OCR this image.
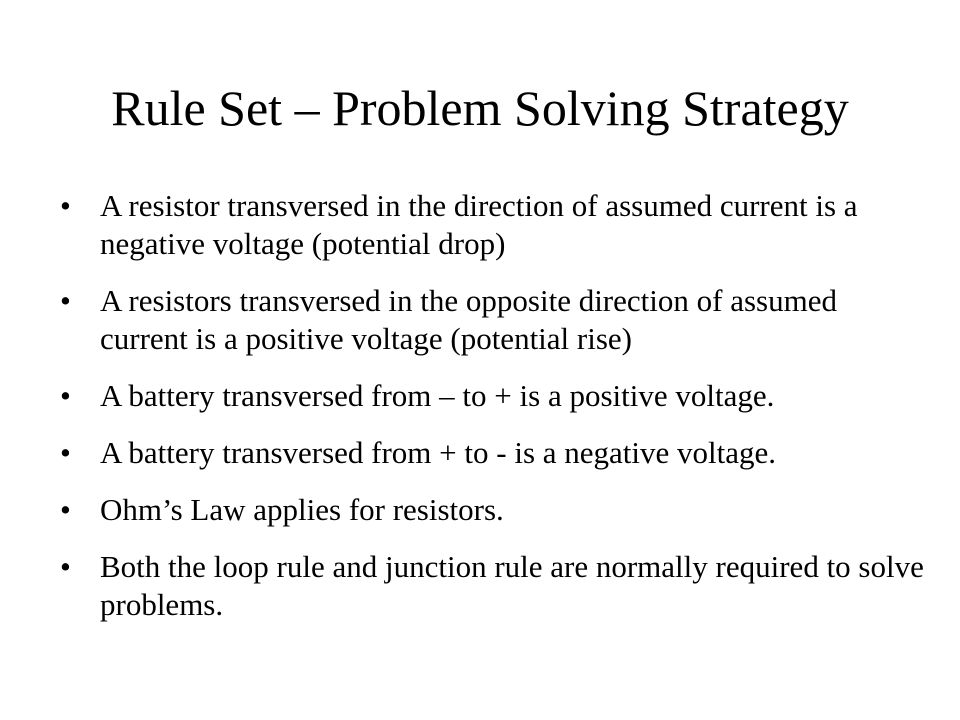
Rule Set – Problem Solving Strategy
• A resistor transversed in the direction of assumed current is a negative voltage (potential drop)
• A resistors transversed in the opposite direction of assumed current is a positive voltage (potential rise)
• A battery transversed from – to + is a positive voltage.
• A battery transversed from + to - is a negative voltage.
• Ohm’s Law applies for resistors.
• Both the loop rule and junction rule are normally required to solve problems.
